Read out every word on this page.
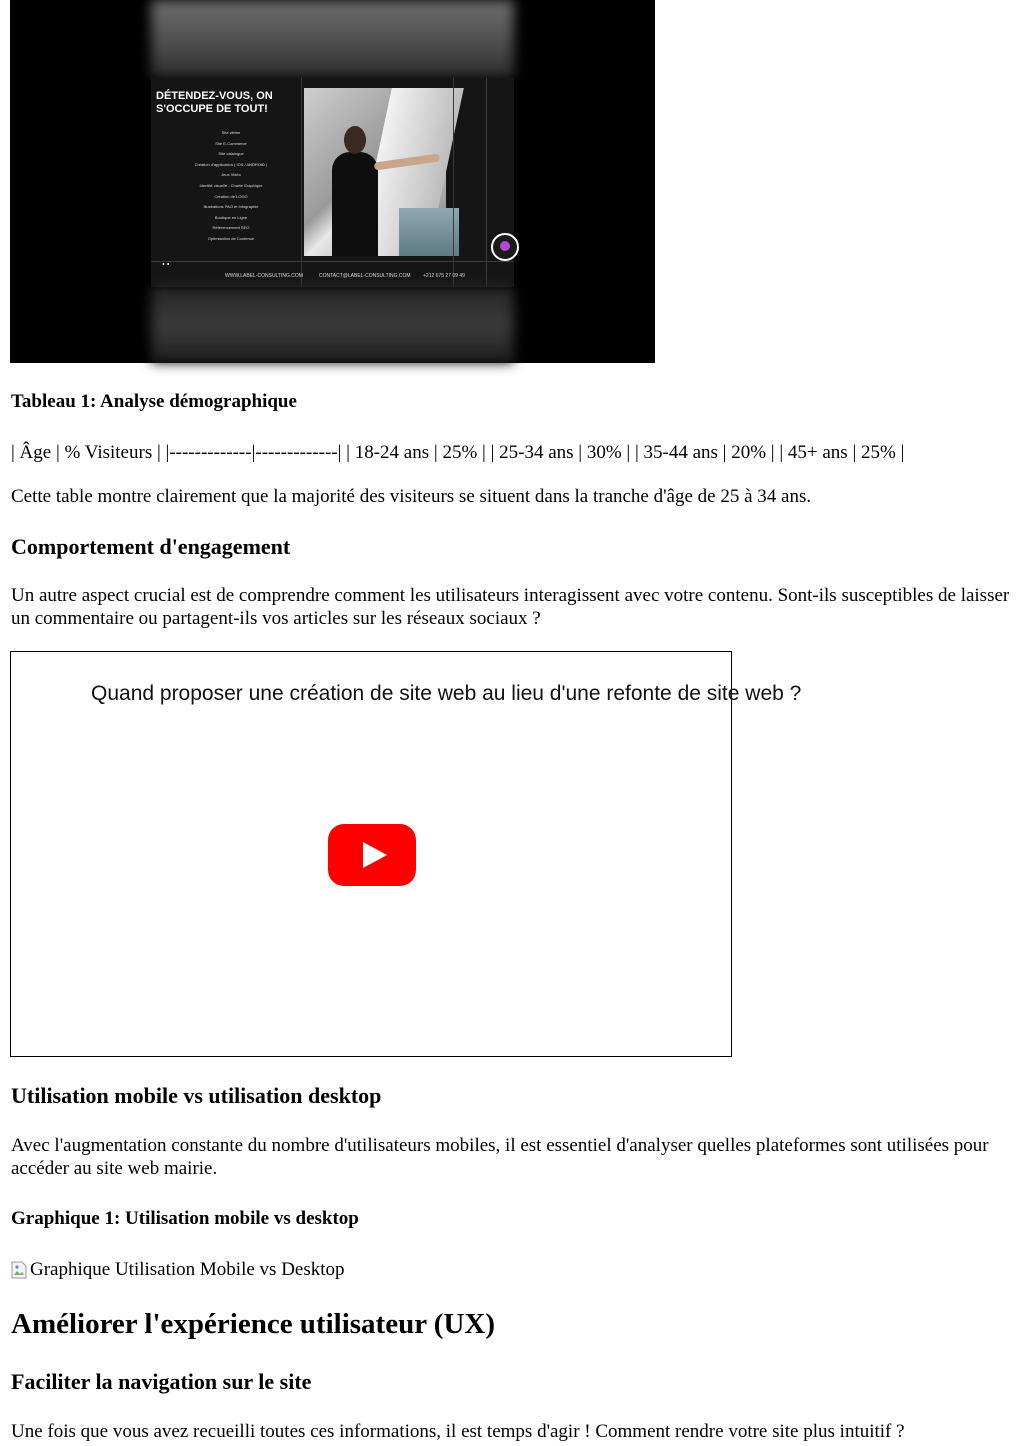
DÉTENDEZ-VOUS, ON S'OCCUPE DE TOUT!
Site vitrine
Site E-Commerce
Site catalogue
Création d'application ( IOS / ANDROID )
Jeux Vidéo
Identité visuelle - Charte Graphique
Création de LOGO
Illustrations PAO et Infographie
Boutique en Ligne
Référencement SEO
Optimisation de Contenue
• •
WWW.LABEL-CONSULTING.COM	CONTACT@LABEL-CONSULTING.COM +212 675 27 09 49
Tableau 1: Analyse démographique

| Âge | % Visiteurs | |-------------|-------------| | 18-24 ans | 25% | | 25-34 ans | 30% | | 35-44 ans | 20% | | 45+ ans | 25% |

Cette table montre clairement que la majorité des visiteurs se situent dans la tranche d'âge de 25 à 34 ans.

Comportement d'engagement

Un autre aspect crucial est de comprendre comment les utilisateurs interagissent avec votre contenu. Sont-ils susceptibles de laisser un commentaire ou partagent-ils vos articles sur les réseaux sociaux ?

Utilisation mobile vs utilisation desktop

Avec l'augmentation constante du nombre d'utilisateurs mobiles, il est essentiel d'analyser quelles plateformes sont utilisées pour accéder au site web mairie.

Graphique 1: Utilisation mobile vs desktop
Graphique Utilisation Mobile vs Desktop
Améliorer l'expérience utilisateur (UX)
Faciliter la navigation sur le site

Une fois que vous avez recueilli toutes ces informations, il est temps d'agir ! Comment rendre votre site plus intuitif ?

Quand proposer une création de site web au lieu d'une refonte de site web ?
